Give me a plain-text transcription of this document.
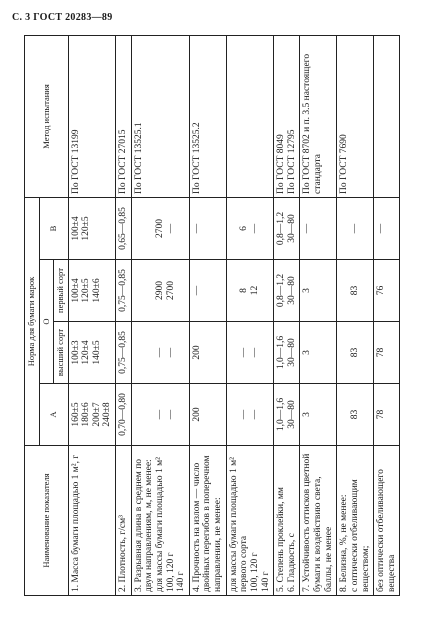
С. 3 ГОСТ 20283—89
Наименование показателя	Норма для бумаги марок				Метод испытания
	А	О		В	
		высший сорт	первый сорт		

1. Масса бумаги площадью 1 м², г	160±5 180±6 200±7 240±8	100±3 120±4 140±5	100±4 120±5 140±6	100±4 120±5	По ГОСТ 13199

2. Плотность, г/см³	0,70—0,80	0,75—0,85	0,75—0,85	0,65—0,85	По ГОСТ 27015

3. Разрывная длина в среднем по двум направлениям, м, не менее: для массы бумаги площадью 1 м² 100, 120 г 140 г	— —	— —	2900 2700	2700 —	По ГОСТ 13525.1

4. Прочность на излом — число двойных перегибов в поперечном направлении, не менее:	200	200	—	—	По ГОСТ 13525.2

для массы бумаги площадью 1 м² первого сорта 100, 120 г 140 г	— —	— —	8 12	6 —	

5. Степень проклейки, мм 6. Гладкость, с	1,0—1,6 30—80	1,0—1,6 30—80	0,8—1,2 30—80	0,8—1,2 30—80	По ГОСТ 8049 По ГОСТ 12795

7. Устойчивость оттисков цветной бумаги к воздействию света, баллы, не менее	3	3	3	—	По ГОСТ 8702 и п. 3.5 настоящего стандарта

8. Белизна, %, не менее: с оптически отбеливающим веществом;	83	83	83	—	По ГОСТ 7690

без оптически отбеливающего вещества	78	78	76	—	
